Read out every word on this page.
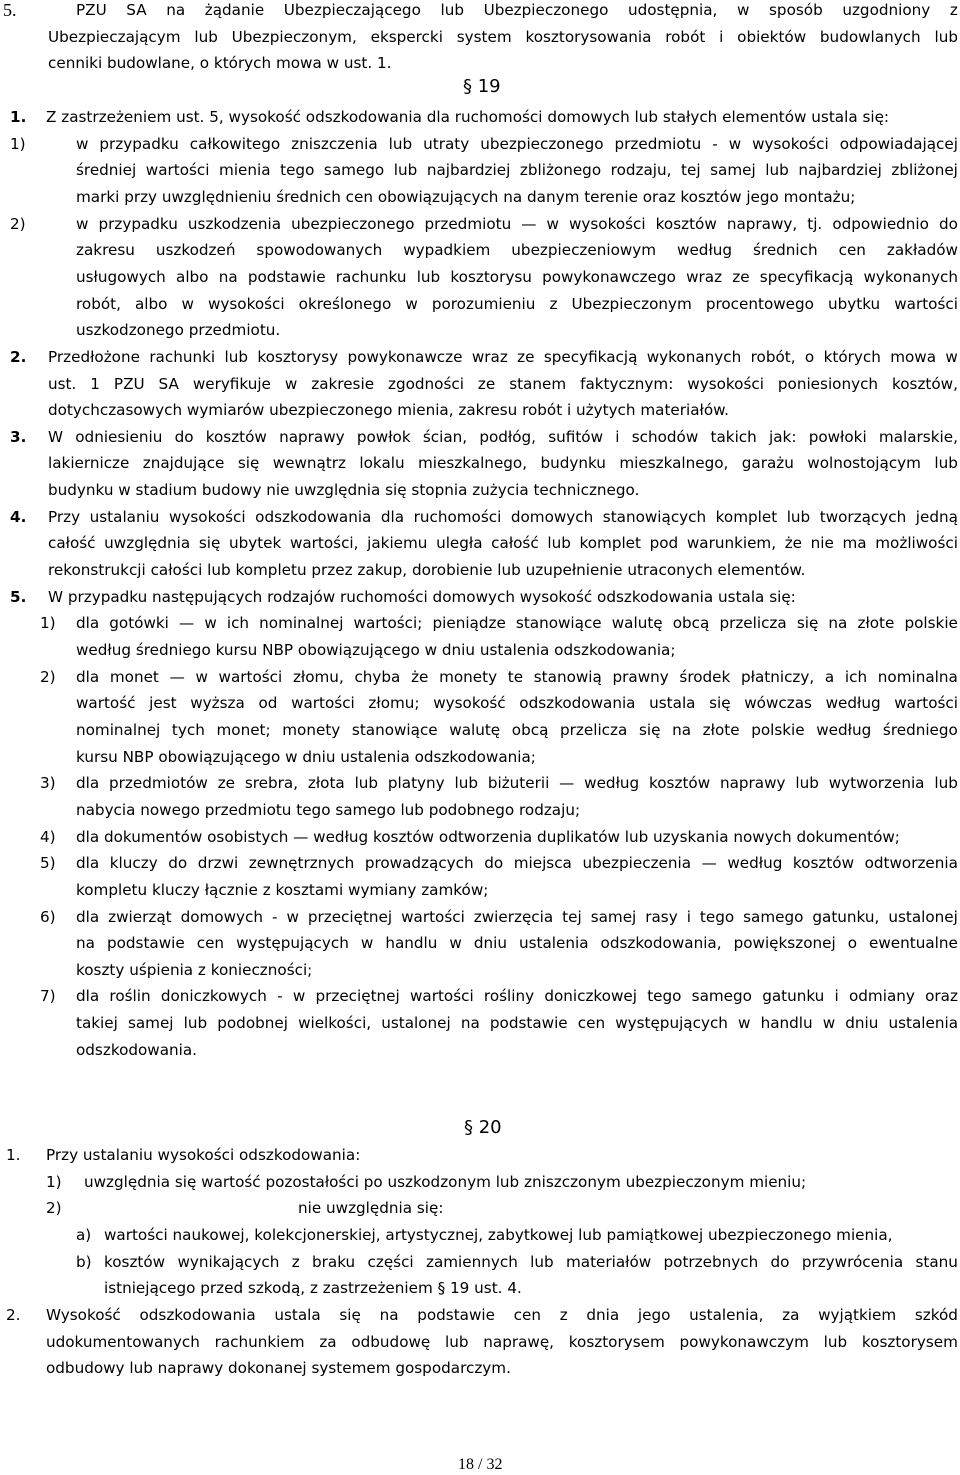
5.	PZU SA na żądanie Ubezpieczającego lub Ubezpieczonego udostępnia, w sposób uzgodniony z
Ubezpieczającym lub Ubezpieczonym, ekspercki system kosztorysowania robót i obiektów budowlanych lub
cenniki budowlane, o których mowa w ust. 1.
§ 19
1. Z zastrzeżeniem ust. 5, wysokość odszkodowania dla ruchomości domowych lub stałych elementów ustala się:
1)	w przypadku całkowitego zniszczenia lub utraty ubezpieczonego przedmiotu - w wysokości odpowiadającej
średniej wartości mienia tego samego lub najbardziej zbliżonego rodzaju, tej samej lub najbardziej zbliżonej
marki przy uwzględnieniu średnich cen obowiązujących na danym terenie oraz kosztów jego montażu;
2)	w przypadku uszkodzenia ubezpieczonego przedmiotu — w wysokości kosztów naprawy, tj. odpowiednio do
zakresu uszkodzeń spowodowanych wypadkiem ubezpieczeniowym według średnich cen zakładów
usługowych albo na podstawie rachunku lub kosztorysu powykonawczego wraz ze specyfikacją wykonanych
robót, albo w wysokości określonego w porozumieniu z Ubezpieczonym procentowego ubytku wartości
uszkodzonego przedmiotu.
2. Przedłożone rachunki lub kosztorysy powykonawcze wraz ze specyfikacją wykonanych robót, o których mowa w
ust. 1 PZU SA weryfikuje w zakresie zgodności ze stanem faktycznym: wysokości poniesionych kosztów,
dotychczasowych wymiarów ubezpieczonego mienia, zakresu robót i użytych materiałów.
3. W odniesieniu do kosztów naprawy powłok ścian, podłóg, sufitów i schodów takich jak: powłoki malarskie,
lakiernicze znajdujące się wewnątrz lokalu mieszkalnego, budynku mieszkalnego, garażu wolnostojącym lub
budynku w stadium budowy nie uwzględnia się stopnia zużycia technicznego.
4. Przy ustalaniu wysokości odszkodowania dla ruchomości domowych stanowiących komplet lub tworzących jedną
całość uwzględnia się ubytek wartości, jakiemu uległa całość lub komplet pod warunkiem, że nie ma możliwości
rekonstrukcji całości lub kompletu przez zakup, dorobienie lub uzupełnienie utraconych elementów.
5. W przypadku następujących rodzajów ruchomości domowych wysokość odszkodowania ustala się:
1) dla gotówki — w ich nominalnej wartości; pieniądze stanowiące walutę obcą przelicza się na złote polskie
według średniego kursu NBP obowiązującego w dniu ustalenia odszkodowania;
2) dla monet — w wartości złomu, chyba że monety te stanowią prawny środek płatniczy, a ich nominalna
wartość jest wyższa od wartości złomu; wysokość odszkodowania ustala się wówczas według wartości
nominalnej tych monet; monety stanowiące walutę obcą przelicza się na złote polskie według średniego
kursu NBP obowiązującego w dniu ustalenia odszkodowania;
3) dla przedmiotów ze srebra, złota lub platyny lub biżuterii — według kosztów naprawy lub wytworzenia lub
nabycia nowego przedmiotu tego samego lub podobnego rodzaju;
4) dla dokumentów osobistych — według kosztów odtworzenia duplikatów lub uzyskania nowych dokumentów;
5) dla kluczy do drzwi zewnętrznych prowadzących do miejsca ubezpieczenia — według kosztów odtworzenia
kompletu kluczy łącznie z kosztami wymiany zamków;
6) dla zwierząt domowych - w przeciętnej wartości zwierzęcia tej samej rasy i tego samego gatunku, ustalonej
na podstawie cen występujących w handlu w dniu ustalenia odszkodowania, powiększonej o ewentualne
koszty uśpienia z konieczności;
7) dla roślin doniczkowych - w przeciętnej wartości rośliny doniczkowej tego samego gatunku i odmiany oraz
takiej samej lub podobnej wielkości, ustalonej na podstawie cen występujących w handlu w dniu ustalenia
odszkodowania.
§ 20
1. Przy ustalaniu wysokości odszkodowania:
1) uwzględnia się wartość pozostałości po uszkodzonym lub zniszczonym ubezpieczonym mieniu;
2)	nie uwzględnia się:
a) wartości naukowej, kolekcjonerskiej, artystycznej, zabytkowej lub pamiątkowej ubezpieczonego mienia,
b) kosztów wynikających z braku części zamiennych lub materiałów potrzebnych do przywrócenia stanu
istniejącego przed szkodą, z zastrzeżeniem § 19 ust. 4.
2. Wysokość odszkodowania ustala się na podstawie cen z dnia jego ustalenia, za wyjątkiem szkód
udokumentowanych rachunkiem za odbudowę lub naprawę, kosztorysem powykonawczym lub kosztorysem
odbudowy lub naprawy dokonanej systemem gospodarczym.
18 / 32
